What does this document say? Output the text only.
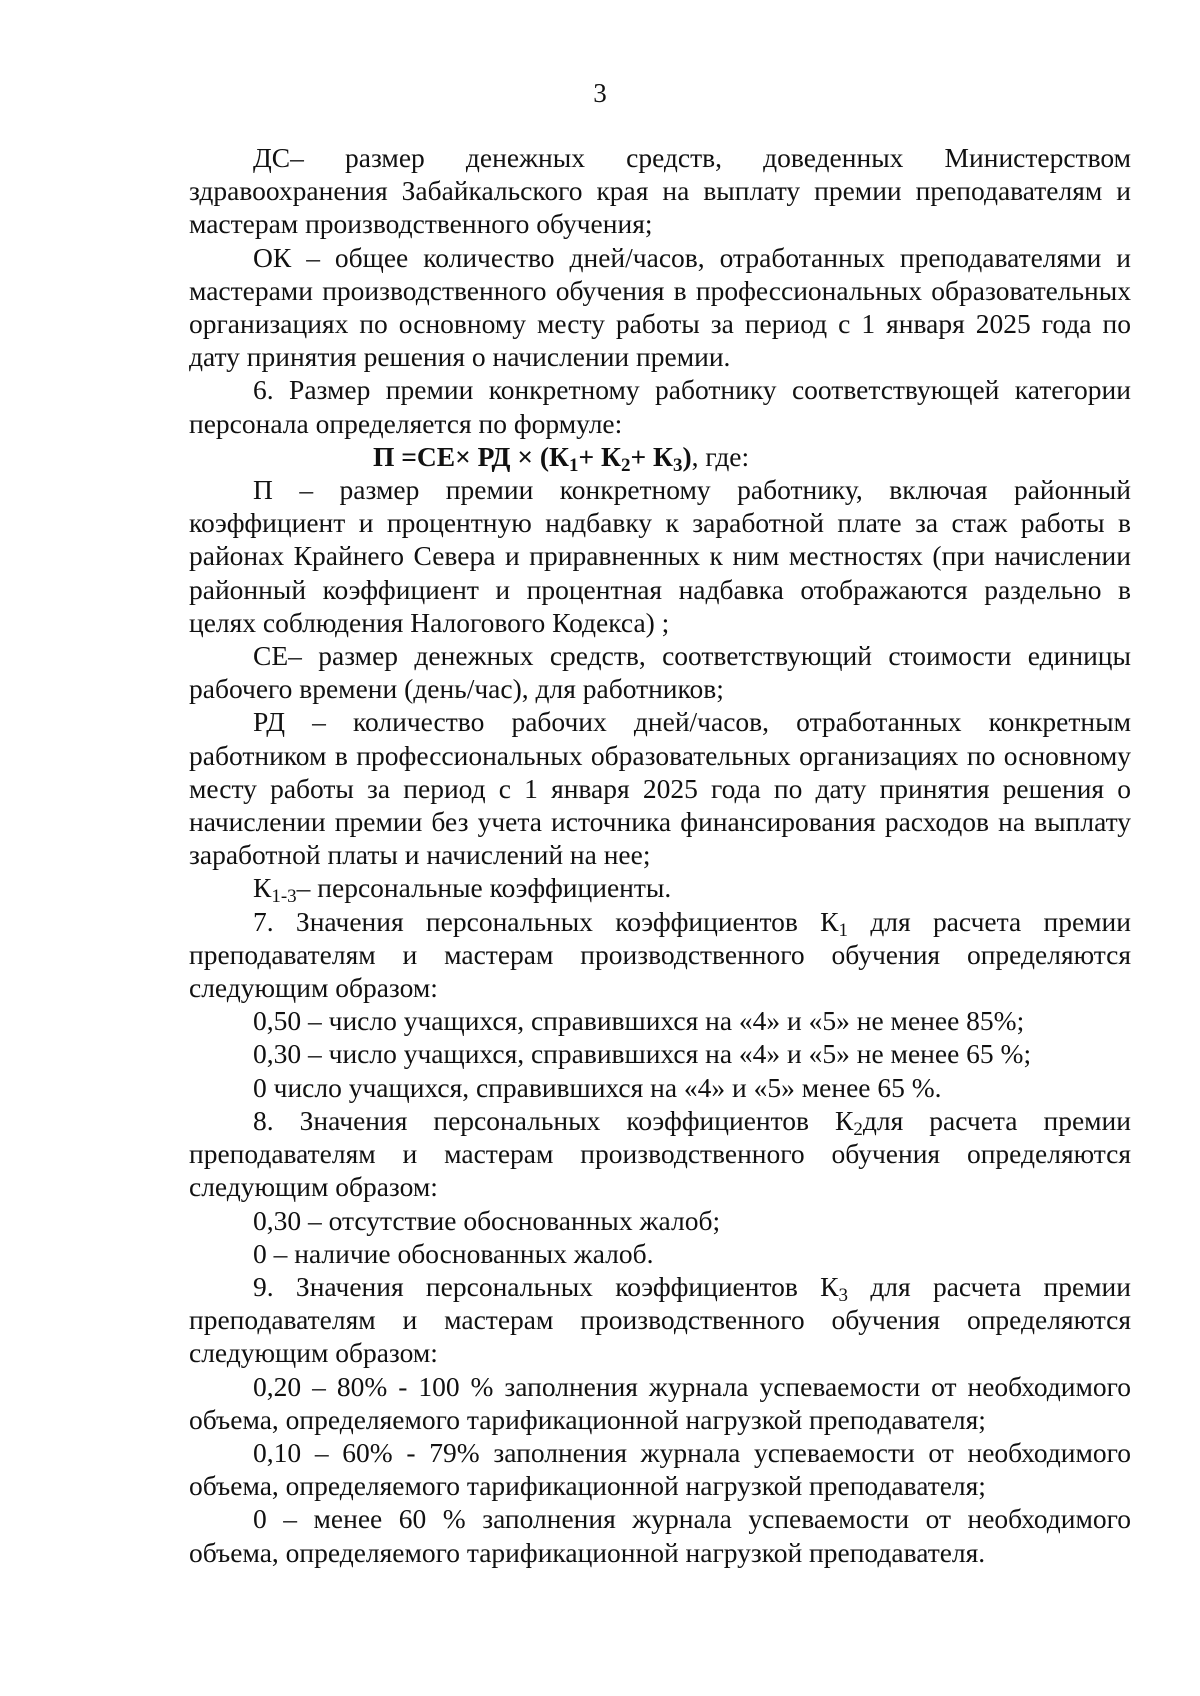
3

ДС– размер денежных средств, доведенных Министерством здравоохранения Забайкальского края на выплату премии преподавателям и мастерам производственного обучения;

ОК – общее количество дней/часов, отработанных преподавателями и мастерами производственного обучения в профессиональных образовательных организациях по основному месту работы за период с 1 января 2025 года по дату принятия решения о начислении премии.

6. Размер премии конкретному работнику соответствующей категории персонала определяется по формуле:

П =СЕ× РД × $(К_1+ К_2+ К_3)$, где:

П – размер премии конкретному работнику, включая районный коэффициент и процентную надбавку к заработной плате за стаж работы в районах Крайнего Севера и приравненных к ним местностях (при начислении районный коэффициент и процентная надбавка отображаются раздельно в целях соблюдения Налогового Кодекса) ;

СЕ– размер денежных средств, соответствующий стоимости единицы рабочего времени (день/час), для работников;

РД – количество рабочих дней/часов, отработанных конкретным работником в профессиональных образовательных организациях по основному месту работы за период с 1 января 2025 года по дату принятия решения о начислении премии без учета источника финансирования расходов на выплату заработной платы и начислений на нее;

$К_{1-3}-$ персональные коэффициенты.

7. Значения персональных коэффициентов $К_1$ для расчета премии преподавателям и мастерам производственного обучения определяются следующим образом:

0,50 – число учащихся, справившихся на «4» и «5» не менее 85%;

0,30 – число учащихся, справившихся на «4» и «5» не менее 65 %;

0 число учащихся, справившихся на «4» и «5» менее 65 %.

8. Значения персональных коэффициентов $К_2для$ расчета премии преподавателям и мастерам производственного обучения определяются следующим образом:

0,30 – отсутствие обоснованных жалоб;

0 – наличие обоснованных жалоб.

9. Значения персональных коэффициентов $К_3$ для расчета премии преподавателям и мастерам производственного обучения определяются следующим образом:

0,20 – 80% - 100 % заполнения журнала успеваемости от необходимого объема, определяемого тарификационной нагрузкой преподавателя;

0,10 – 60% - 79% заполнения журнала успеваемости от необходимого объема, определяемого тарификационной нагрузкой преподавателя;

0 – менее 60 % заполнения журнала успеваемости от необходимого объема, определяемого тарификационной нагрузкой преподавателя.
